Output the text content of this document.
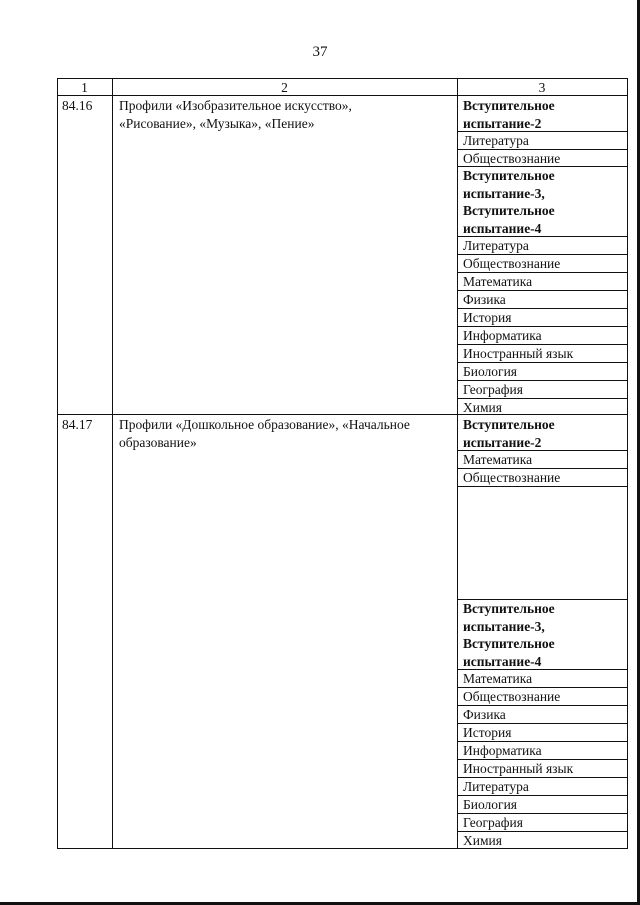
37
1	2	3
84.16 Профили «Изобразительное искусство»,
«Рисование», «Музыка», «Пение»
Вступительное
испытание-2
Литература
Обществознание
Вступительное
испытание-3,
Вступительное
испытание-4
Литература
Обществознание
Математика
Физика
История
Информатика
Иностранный язык
Биология
География
Химия
84.17 Профили «Дошкольное образование», «Начальное
образование»
Вступительное
испытание-2
Математика
Обществознание
Вступительное
испытание-3,
Вступительное
испытание-4
Математика
Обществознание
Физика
История
Информатика
Иностранный язык
Литература
Биология
География
Химия
